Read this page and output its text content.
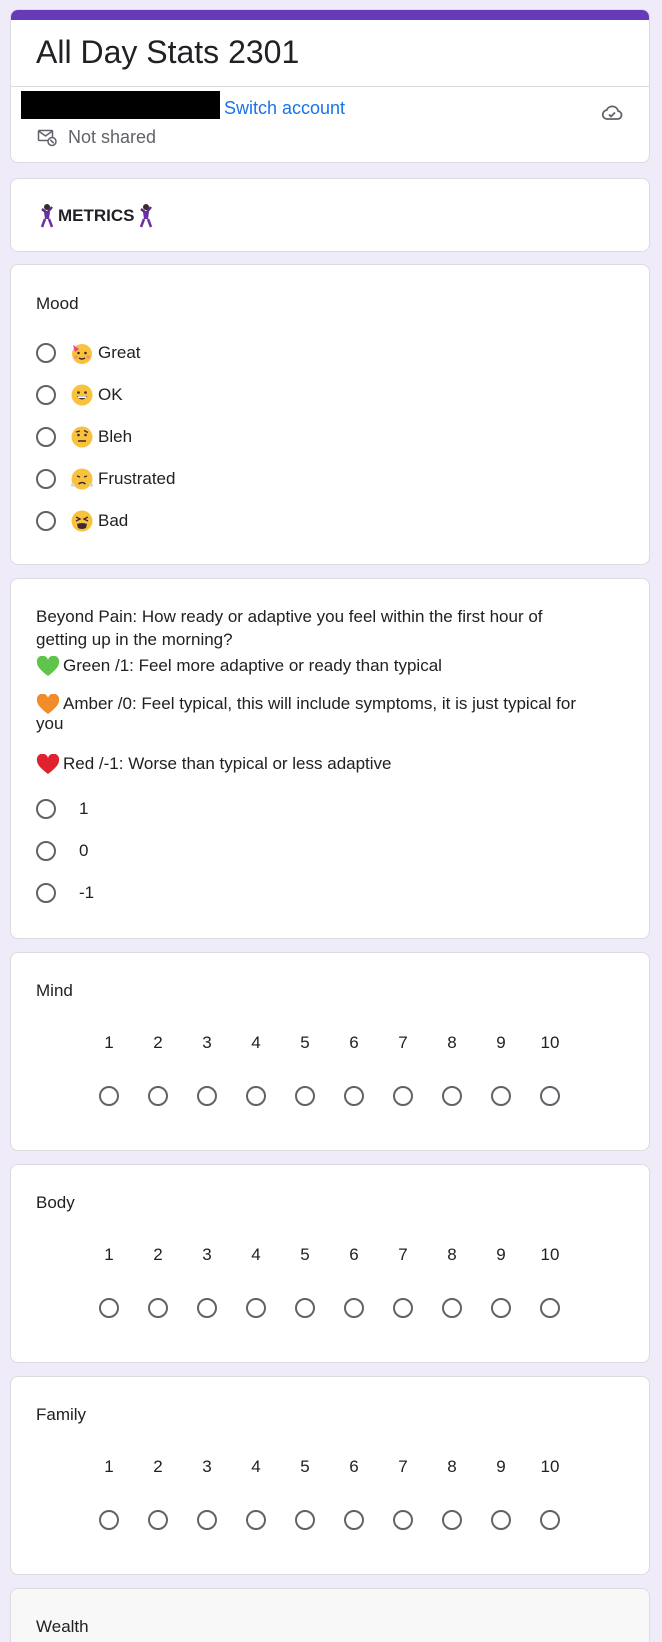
All Day Stats 2301
Switch account
Not shared
METRICS
Mood
Great
OK
Bleh
Frustrated
Bad
Beyond Pain: How ready or adaptive you feel within the first hour of
getting up in the morning?
Green /1: Feel more adaptive or ready than typical
Amber /0: Feel typical, this will include symptoms, it is just typical for
you
Red /-1: Worse than typical or less adaptive
1
0
-1
Mind
1	2	3	4	5	6	7	8	9	10
Body
1	2	3	4	5	6	7	8	9	10
Family
1	2	3	4	5	6	7	8	9	10
Wealth
